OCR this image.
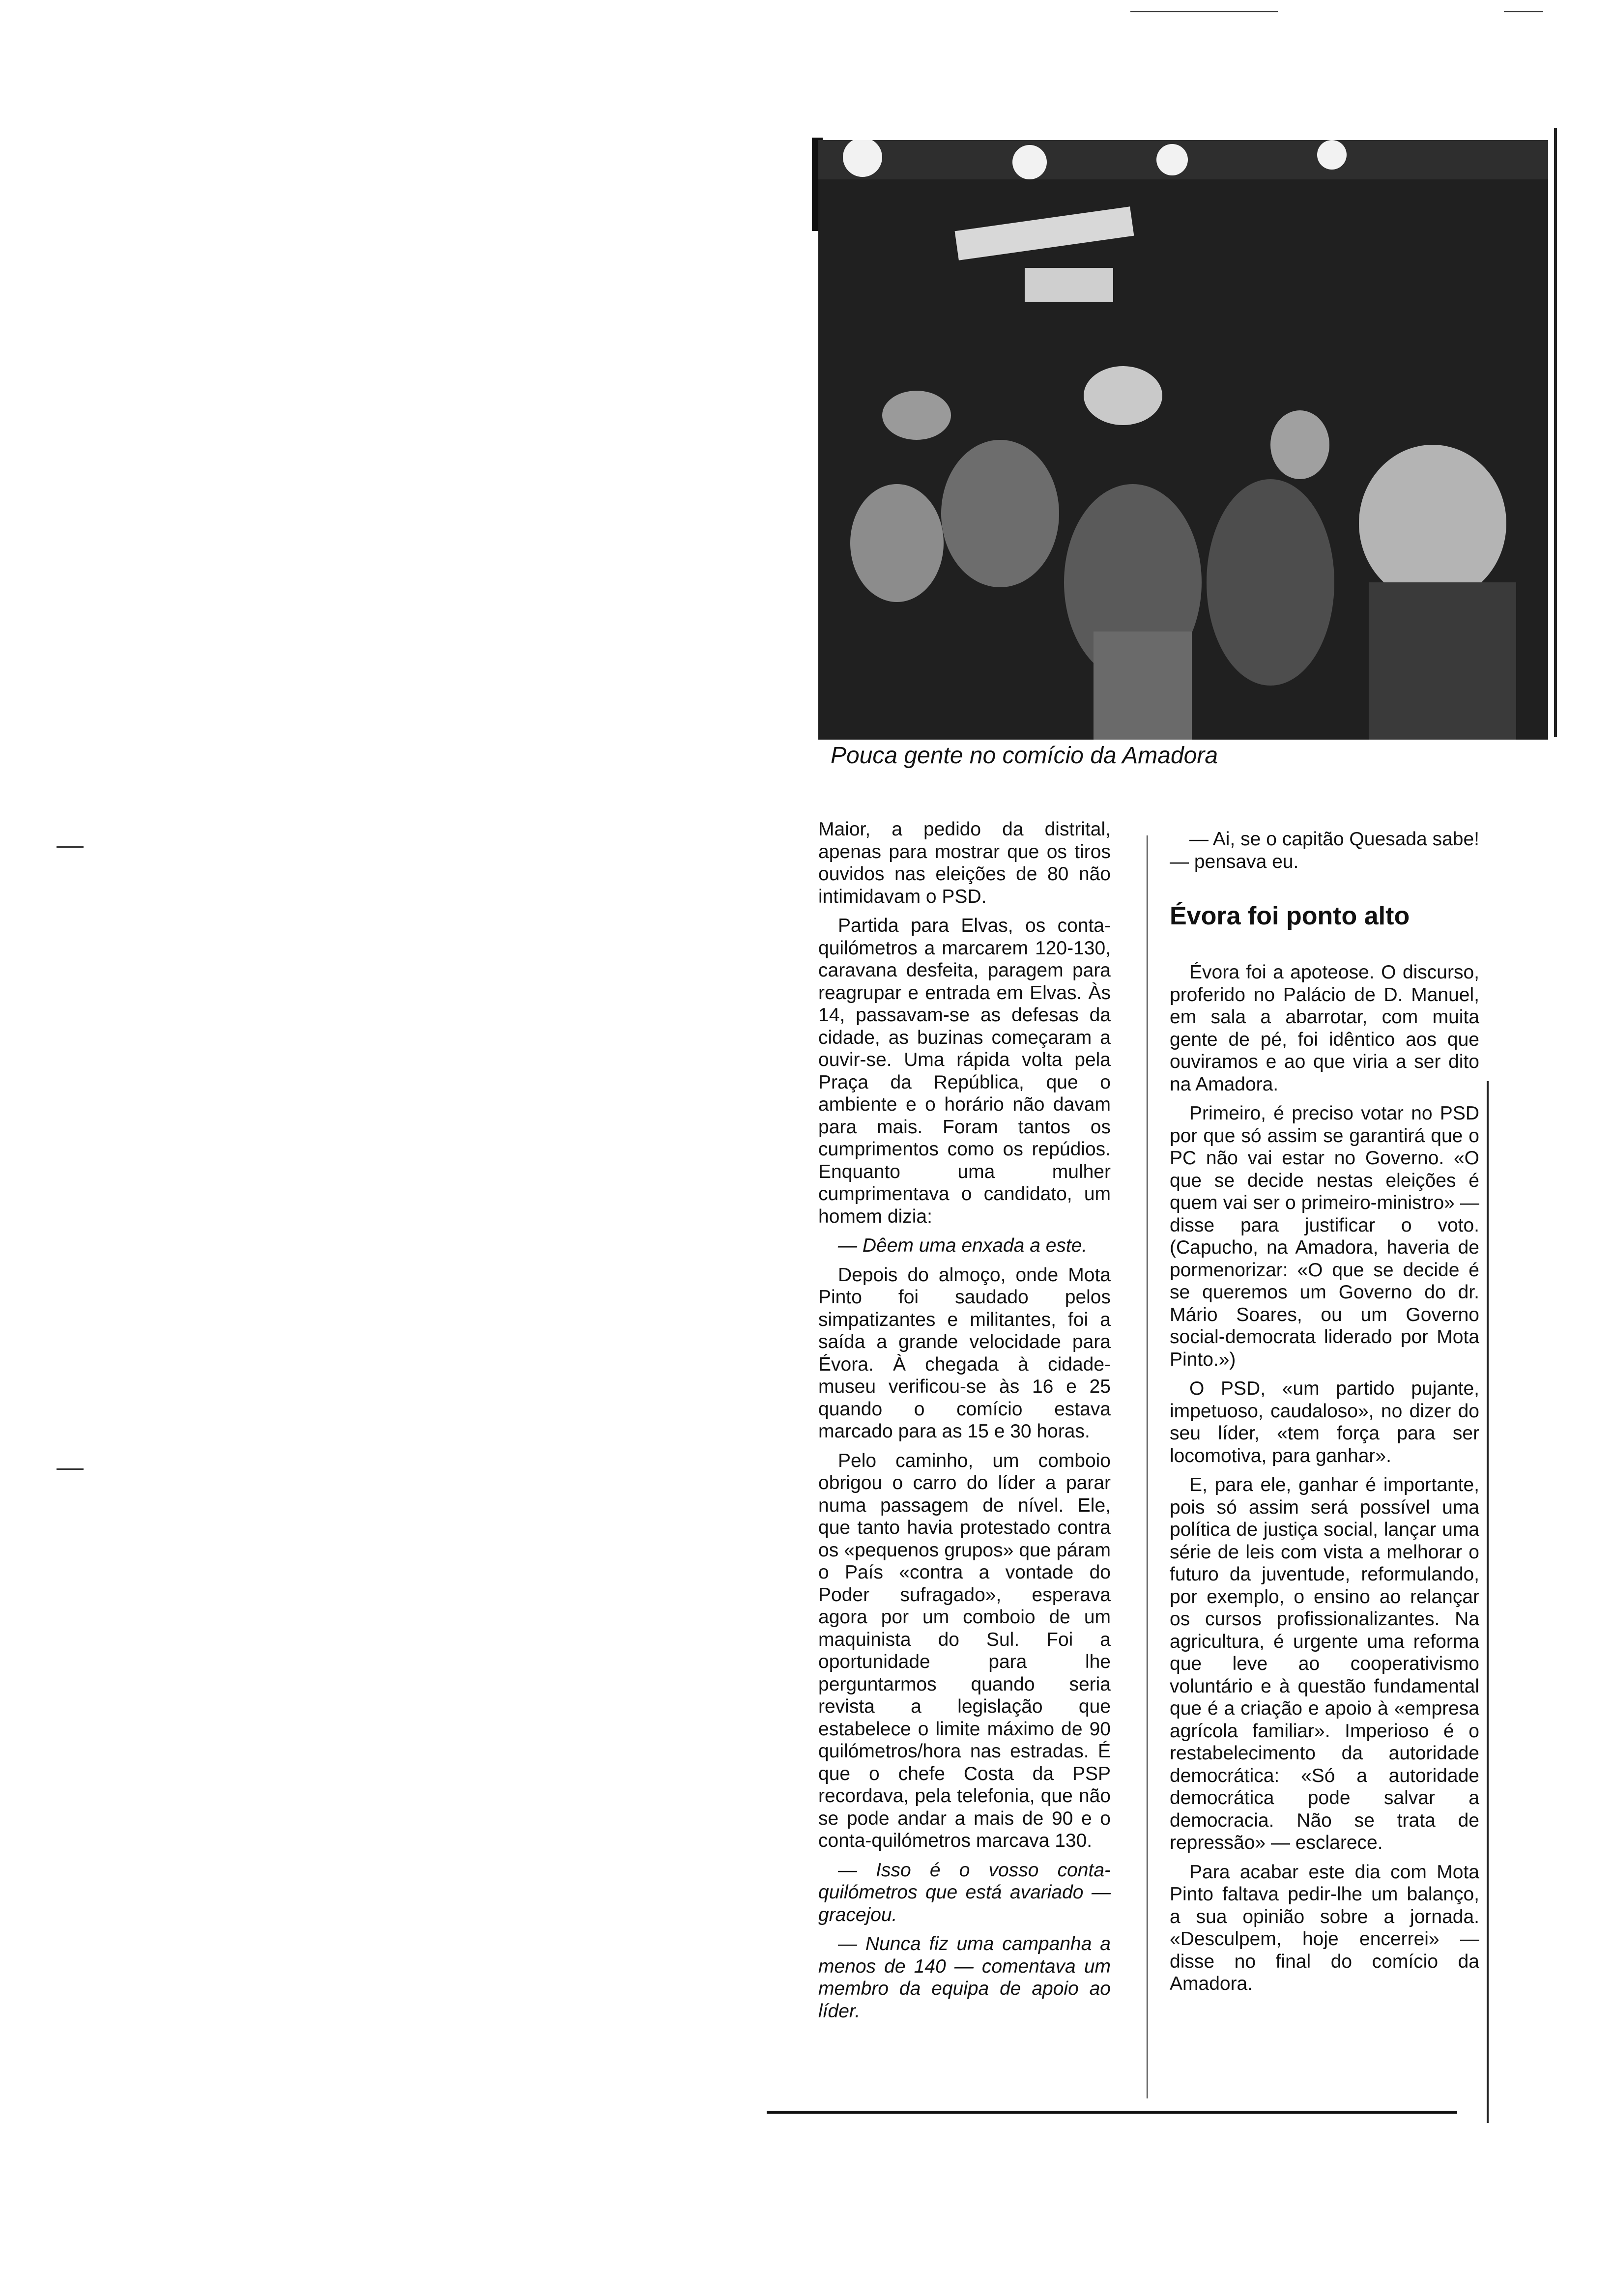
Pouca gente no comício da Amadora

Maior, a pedido da distrital, apenas para mostrar que os tiros ouvidos nas eleições de 80 não intimidavam o PSD.

Partida para Elvas, os conta-quilómetros a marcarem 120-130, caravana desfeita, paragem para reagrupar e entrada em Elvas. Às 14, passavam-se as defesas da cidade, as buzinas começaram a ouvir-se. Uma rápida volta pela Praça da República, que o ambiente e o horário não davam para mais. Foram tantos os cumprimentos como os repúdios. Enquanto uma mulher cumprimentava o candidato, um homem dizia:

— Dêem uma enxada a este.

Depois do almoço, onde Mota Pinto foi saudado pelos simpatizantes e militantes, foi a saída a grande velocidade para Évora. À chegada à cidade-museu verificou-se às 16 e 25 quando o comício estava marcado para as 15 e 30 horas.

Pelo caminho, um comboio obrigou o carro do líder a parar numa passagem de nível. Ele, que tanto havia protestado contra os «pequenos grupos» que páram o País «contra a vontade do Poder sufragado», esperava agora por um comboio de um maquinista do Sul. Foi a oportunidade para lhe perguntarmos quando seria revista a legislação que estabelece o limite máximo de 90 quilómetros/hora nas estradas. É que o chefe Costa da PSP recordava, pela telefonia, que não se pode andar a mais de 90 e o conta-quilómetros marcava 130.

— Isso é o vosso conta-quilómetros que está avariado — gracejou.

— Nunca fiz uma campanha a menos de 140 — comentava um membro da equipa de apoio ao líder.

— Ai, se o capitão Quesada sabe! — pensava eu.

Évora foi ponto alto

Évora foi a apoteose. O discurso, proferido no Palácio de D. Manuel, em sala a abarrotar, com muita gente de pé, foi idêntico aos que ouviramos e ao que viria a ser dito na Amadora.

Primeiro, é preciso votar no PSD por que só assim se garantirá que o PC não vai estar no Governo. «O que se decide nestas eleições é quem vai ser o primeiro-ministro» — disse para justificar o voto. (Capucho, na Amadora, haveria de pormenorizar: «O que se decide é se queremos um Governo do dr. Mário Soares, ou um Governo social-democrata liderado por Mota Pinto.»)

O PSD, «um partido pujante, impetuoso, caudaloso», no dizer do seu líder, «tem força para ser locomotiva, para ganhar».

E, para ele, ganhar é importante, pois só assim será possível uma política de justiça social, lançar uma série de leis com vista a melhorar o futuro da juventude, reformulando, por exemplo, o ensino ao relançar os cursos profissionalizantes. Na agricultura, é urgente uma reforma que leve ao cooperativismo voluntário e à questão fundamental que é a criação e apoio à «empresa agrícola familiar». Imperioso é o restabelecimento da autoridade democrática: «Só a autoridade democrática pode salvar a democracia. Não se trata de repressão» — esclarece.

Para acabar este dia com Mota Pinto faltava pedir-lhe um balanço, a sua opinião sobre a jornada. «Desculpem, hoje encerrei» — disse no final do comício da Amadora.
